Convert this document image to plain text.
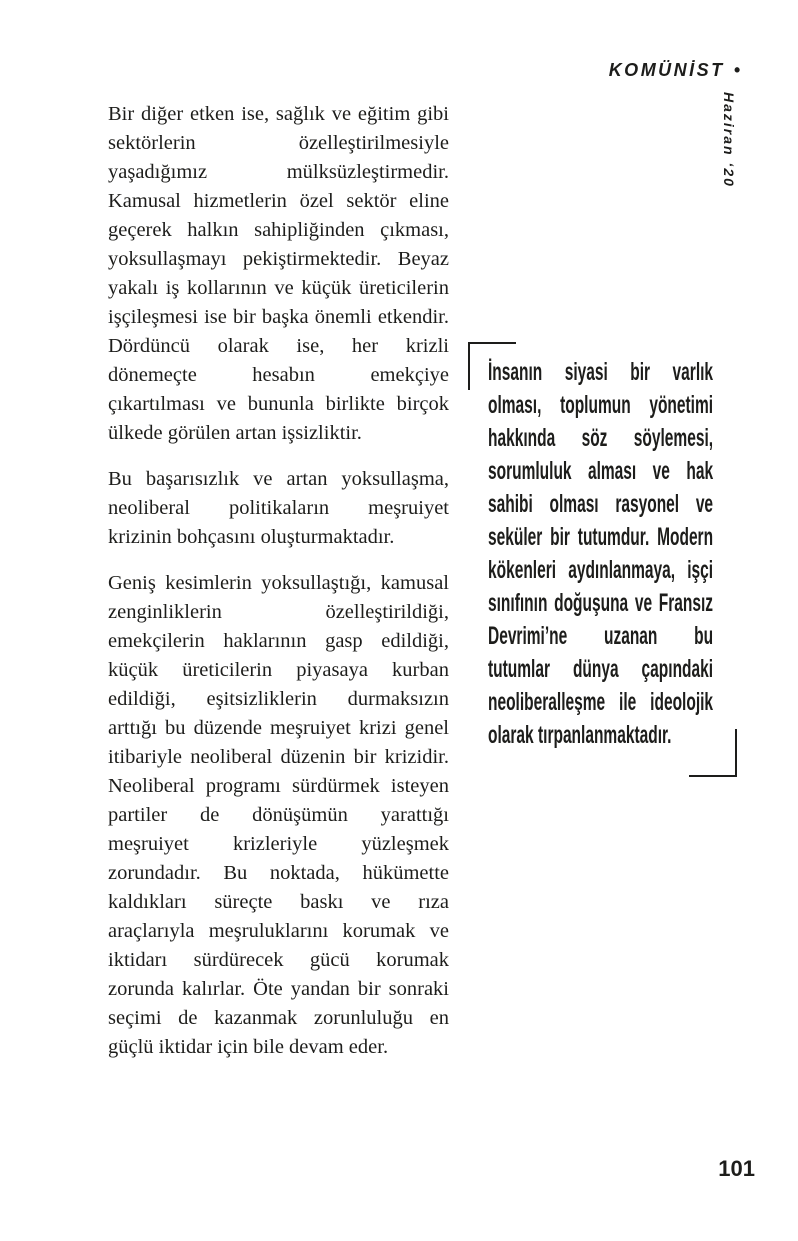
KOMÜNİST •
Haziran ‘20

Bir diğer etken ise, sağlık ve eğitim gibi sektörlerin özelleştirilmesiyle yaşadığımız mülksüzleştirmedir. Kamusal hizmetlerin özel sektör eline geçerek halkın sahipliğinden çıkması, yoksullaşmayı pekiştirmektedir. Beyaz yakalı iş kollarının ve küçük üreticilerin işçileşmesi ise bir başka önemli etkendir. Dördüncü olarak ise, her krizli dönemeçte hesabın emekçiye çıkartılması ve bununla birlikte birçok ülkede görülen artan işsizliktir.

Bu başarısızlık ve artan yoksullaşma, neoliberal politikaların meşruiyet krizinin bohçasını oluşturmaktadır.

Geniş kesimlerin yoksullaştığı, kamusal zenginliklerin özelleştirildiği, emekçilerin haklarının gasp edildiği, küçük üreticilerin piyasaya kurban edildiği, eşitsizliklerin durmaksızın arttığı bu düzende meşruiyet krizi genel itibariyle neoliberal düzenin bir krizidir. Neoliberal programı sürdürmek isteyen partiler de dönüşümün yarattığı meşruiyet krizleriyle yüzleşmek zorundadır. Bu noktada, hükümette kaldıkları süreçte baskı ve rıza araçlarıyla meşruluklarını korumak ve iktidarı sürdürecek gücü korumak zorunda kalırlar. Öte yandan bir sonraki seçimi de kazanmak zorunluluğu en güçlü iktidar için bile devam eder.

İnsanın siyasi bir varlık olması, toplumun yönetimi hakkında söz söylemesi, sorumluluk alması ve hak sahibi olması rasyonel ve seküler bir tutumdur. Modern kökenleri aydınlanmaya, işçi sınıfının doğuşuna ve Fransız Devrimi’ne uzanan bu tutumlar dünya çapındaki neoliberalleşme ile ideolojik olarak tırpanlanmaktadır.
101
